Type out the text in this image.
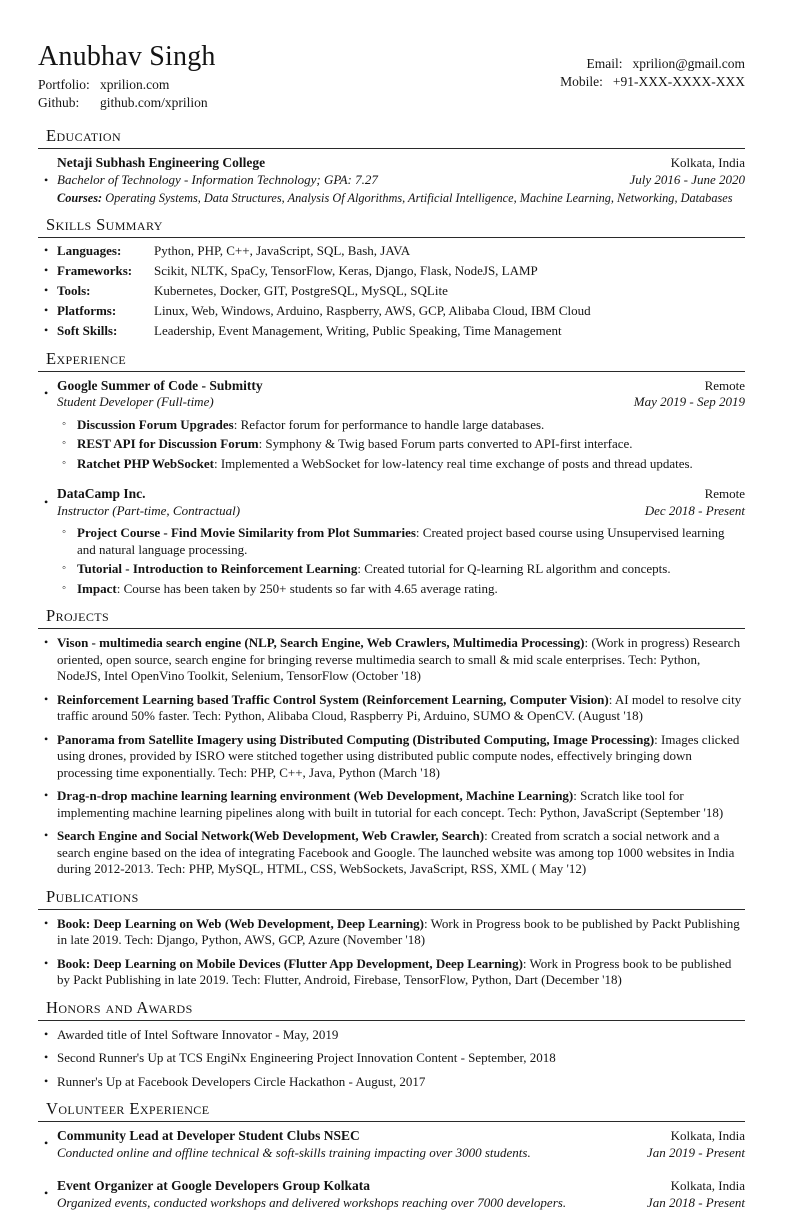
Anubhav Singh
Portfolio: xprilion.com
Github:	github.com/xprilion
Email: xprilion@gmail.com
Mobile: +91-XXX-XXXX-XXX
Education
•
Netaji Subhash Engineering College	Kolkata, India
Bachelor of Technology - Information Technology; GPA: 7.27	July 2016 - June 2020
Courses: Operating Systems, Data Structures, Analysis Of Algorithms, Artificial Intelligence, Machine Learning, Networking, Databases
Skills Summary
• Languages:	Python, PHP, C++, JavaScript, SQL, Bash, JAVA
• Frameworks:	Scikit, NLTK, SpaCy, TensorFlow, Keras, Django, Flask, NodeJS, LAMP
• Tools:	Kubernetes, Docker, GIT, PostgreSQL, MySQL, SQLite
• Platforms:	Linux, Web, Windows, Arduino, Raspberry, AWS, GCP, Alibaba Cloud, IBM Cloud
• Soft Skills:	Leadership, Event Management, Writing, Public Speaking, Time Management
Experience
•
Google Summer of Code - Submitty	Remote
Student Developer (Full-time)	May 2019 - Sep 2019
◦ Discussion Forum Upgrades: Refactor forum for performance to handle large databases.
◦ REST API for Discussion Forum: Symphony & Twig based Forum parts converted to API-first interface.
◦ Ratchet PHP WebSocket: Implemented a WebSocket for low-latency real time exchange of posts and thread updates.
•
DataCamp Inc.	Remote
Instructor (Part-time, Contractual)	Dec 2018 - Present
◦ Project Course - Find Movie Similarity from Plot Summaries: Created project based course using Unsupervised learning and natural language processing.
◦ Tutorial - Introduction to Reinforcement Learning: Created tutorial for Q-learning RL algorithm and concepts.
◦ Impact: Course has been taken by 250+ students so far with 4.65 average rating.
Projects
• Vison - multimedia search engine (NLP, Search Engine, Web Crawlers, Multimedia Processing): (Work in progress) Research oriented, open source, search engine for bringing reverse multimedia search to small & mid scale enterprises. Tech: Python, NodeJS, Intel OpenVino Toolkit, Selenium, TensorFlow (October '18)
• Reinforcement Learning based Traffic Control System (Reinforcement Learning, Computer Vision): AI model to resolve city traffic around 50% faster. Tech: Python, Alibaba Cloud, Raspberry Pi, Arduino, SUMO & OpenCV. (August '18)
• Panorama from Satellite Imagery using Distributed Computing (Distributed Computing, Image Processing): Images clicked using drones, provided by ISRO were stitched together using distributed public compute nodes, effectively bringing down processing time exponentially. Tech: PHP, C++, Java, Python (March '18)
• Drag-n-drop machine learning learning environment (Web Development, Machine Learning): Scratch like tool for implementing machine learning pipelines along with built in tutorial for each concept. Tech: Python, JavaScript (September '18)
• Search Engine and Social Network(Web Development, Web Crawler, Search): Created from scratch a social network and a search engine based on the idea of integrating Facebook and Google. The launched website was among top 1000 websites in India during 2012-2013. Tech: PHP, MySQL, HTML, CSS, WebSockets, JavaScript, RSS, XML ( May '12)
Publications
• Book: Deep Learning on Web (Web Development, Deep Learning): Work in Progress book to be published by Packt Publishing in late 2019. Tech: Django, Python, AWS, GCP, Azure (November '18)
• Book: Deep Learning on Mobile Devices (Flutter App Development, Deep Learning): Work in Progress book to be published by Packt Publishing in late 2019. Tech: Flutter, Android, Firebase, TensorFlow, Python, Dart (December '18)
Honors and Awards
• Awarded title of Intel Software Innovator - May, 2019
• Second Runner's Up at TCS EngiNx Engineering Project Innovation Content - September, 2018
• Runner's Up at Facebook Developers Circle Hackathon - August, 2017
Volunteer Experience
•
Community Lead at Developer Student Clubs NSEC	Kolkata, India
Conducted online and offline technical & soft-skills training impacting over 3000 students.	Jan 2019 - Present
•
Event Organizer at Google Developers Group Kolkata	Kolkata, India
Organized events, conducted workshops and delivered workshops reaching over 7000 developers.	Jan 2018 - Present
